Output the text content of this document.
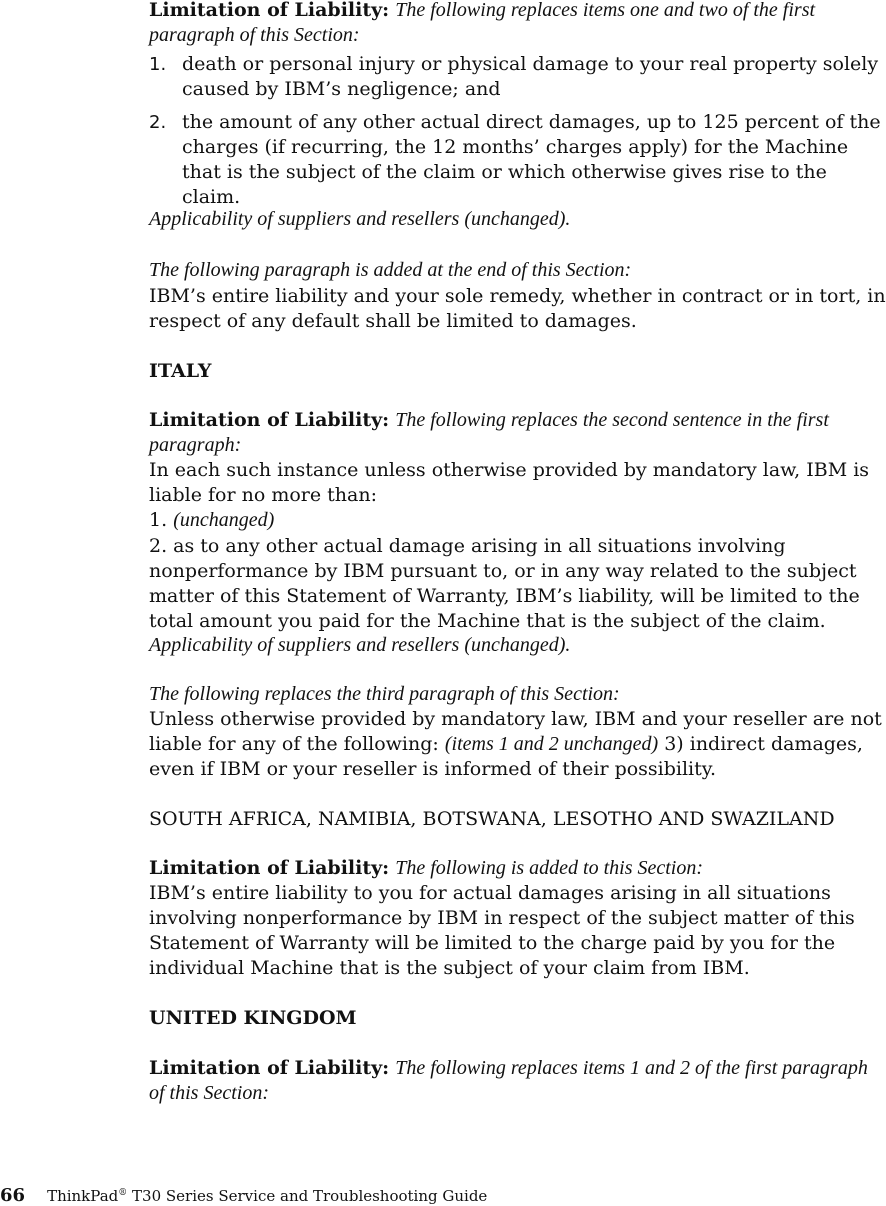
Limitation of Liability: The following replaces items one and two of the first paragraph of this Section:

1. death or personal injury or physical damage to your real property solely caused by IBM’s negligence; and

2. the amount of any other actual direct damages, up to 125 percent of the charges (if recurring, the 12 months’ charges apply) for the Machine that is the subject of the claim or which otherwise gives rise to the claim.

Applicability of suppliers and resellers (unchanged).

The following paragraph is added at the end of this Section:

IBM’s entire liability and your sole remedy, whether in contract or in tort, in respect of any default shall be limited to damages.

ITALY

Limitation of Liability: The following replaces the second sentence in the first paragraph:

In each such instance unless otherwise provided by mandatory law, IBM is liable for no more than:

1. (unchanged)

2. as to any other actual damage arising in all situations involving nonperformance by IBM pursuant to, or in any way related to the subject matter of this Statement of Warranty, IBM’s liability, will be limited to the total amount you paid for the Machine that is the subject of the claim.

Applicability of suppliers and resellers (unchanged).

The following replaces the third paragraph of this Section:

Unless otherwise provided by mandatory law, IBM and your reseller are not liable for any of the following: (items 1 and 2 unchanged) 3) indirect damages, even if IBM or your reseller is informed of their possibility.

SOUTH AFRICA, NAMIBIA, BOTSWANA, LESOTHO AND SWAZILAND

Limitation of Liability: The following is added to this Section:

IBM’s entire liability to you for actual damages arising in all situations involving nonperformance by IBM in respect of the subject matter of this Statement of Warranty will be limited to the charge paid by you for the individual Machine that is the subject of your claim from IBM.

UNITED KINGDOM

Limitation of Liability: The following replaces items 1 and 2 of the first paragraph of this Section:

66 ThinkPad® T30 Series Service and Troubleshooting Guide
